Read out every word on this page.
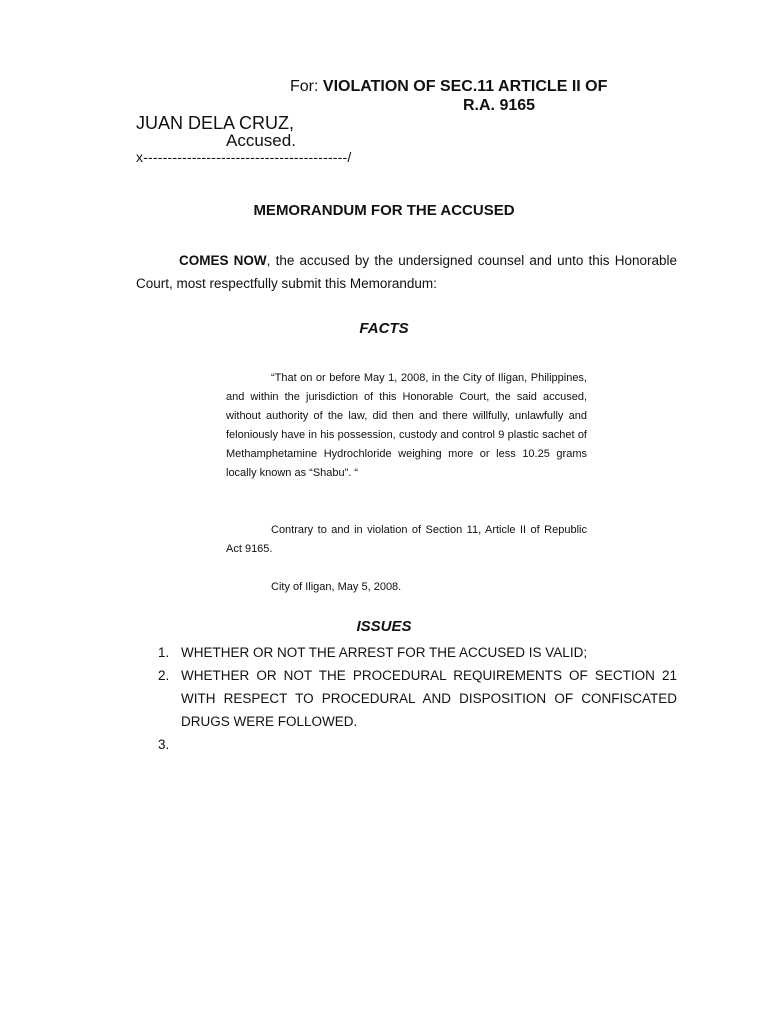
For: VIOLATION OF SEC.11 ARTICLE II OF
R.A. 9165
JUAN DELA CRUZ,
Accused.
x------------------------------------------/
MEMORANDUM FOR THE ACCUSED
COMES NOW, the accused by the undersigned counsel and unto this Honorable Court, most respectfully submit this Memorandum:
FACTS
“That on or before May 1, 2008, in the City of Iligan, Philippines, and within the jurisdiction of this Honorable Court, the said accused, without authority of the law, did then and there willfully, unlawfully and feloniously have in his possession, custody and control 9 plastic sachet of Methamphetamine Hydrochloride weighing more or less 10.25 grams locally known as “Shabu”. “
Contrary to and in violation of Section 11, Article II of Republic Act 9165.
City of Iligan, May 5, 2008.
ISSUES
1. WHETHER OR NOT THE ARREST FOR THE ACCUSED IS VALID;
2. WHETHER OR NOT THE PROCEDURAL REQUIREMENTS OF SECTION 21 WITH RESPECT TO PROCEDURAL AND DISPOSITION OF CONFISCATED DRUGS WERE FOLLOWED.
3.
